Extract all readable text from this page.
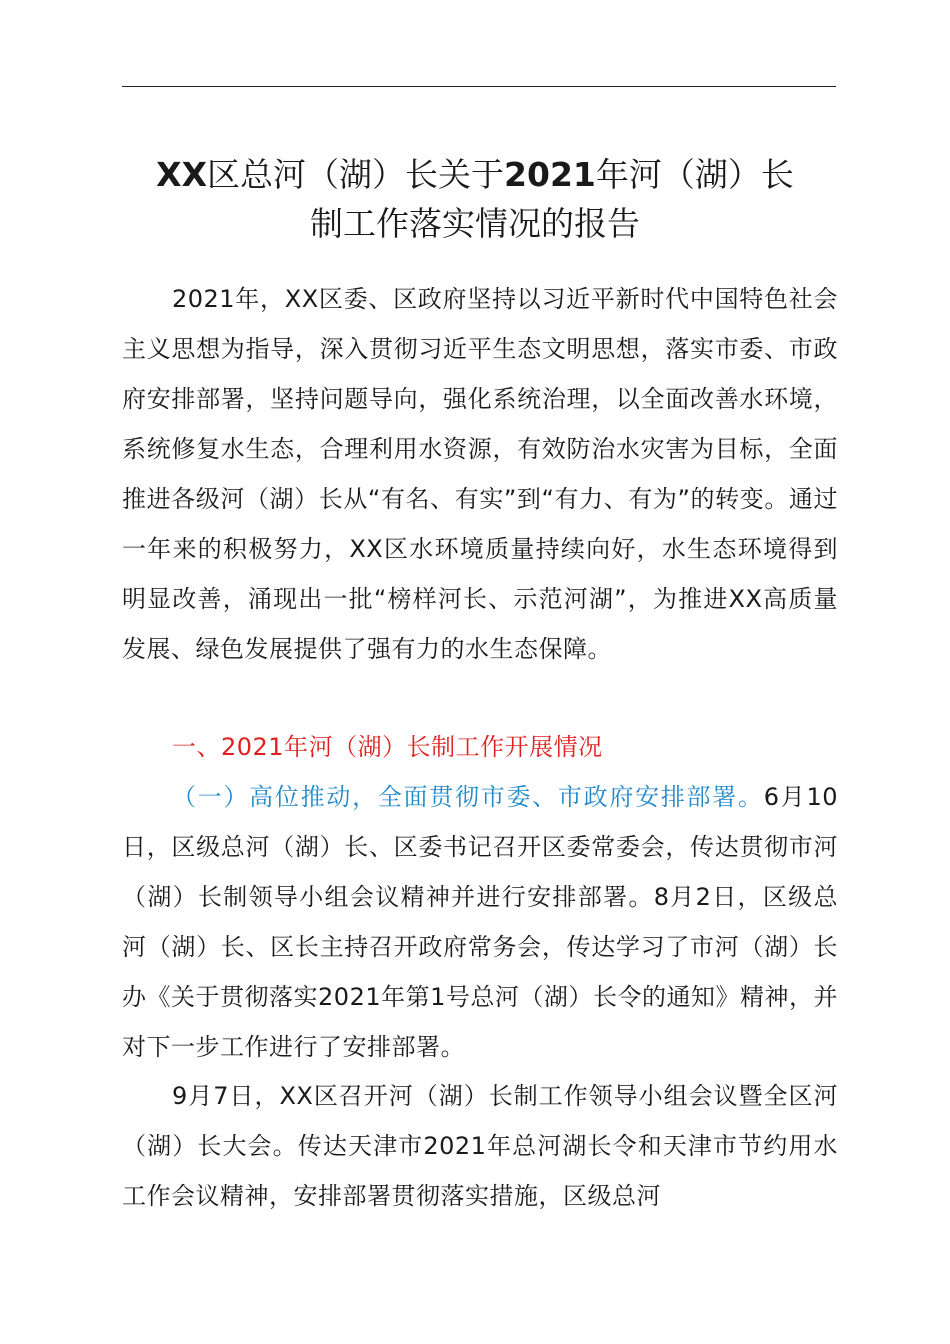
XX区总河（湖）长关于2021年河（湖）长
制工作落实情况的报告

2021年，XX区委、区政府坚持以习近平新时代中国特色社会主义思想为指导，深入贯彻习近平生态文明思想，落实市委、市政府安排部署，坚持问题导向，强化系统治理，以全面改善水环境，系统修复水生态，合理利用水资源，有效防治水灾害为目标，全面推进各级河（湖）长从“有名、有实”到“有力、有为”的转变。通过一年来的积极努力，XX区水环境质量持续向好，水生态环境得到明显改善，涌现出一批“榜样河长、示范河湖”，为推进XX高质量发展、绿色发展提供了强有力的水生态保障。

一、2021年河（湖）长制工作开展情况

（一）高位推动，全面贯彻市委、市政府安排部署。6月10日，区级总河（湖）长、区委书记召开区委常委会，传达贯彻市河（湖）长制领导小组会议精神并进行安排部署。8月2日，区级总河（湖）长、区长主持召开政府常务会，传达学习了市河（湖）长办《关于贯彻落实2021年第1号总河（湖）长令的通知》精神，并对下一步工作进行了安排部署。

9月7日，XX区召开河（湖）长制工作领导小组会议暨全区河（湖）长大会。传达天津市2021年总河湖长令和天津市节约用水工作会议精神，安排部署贯彻落实措施，区级总河
